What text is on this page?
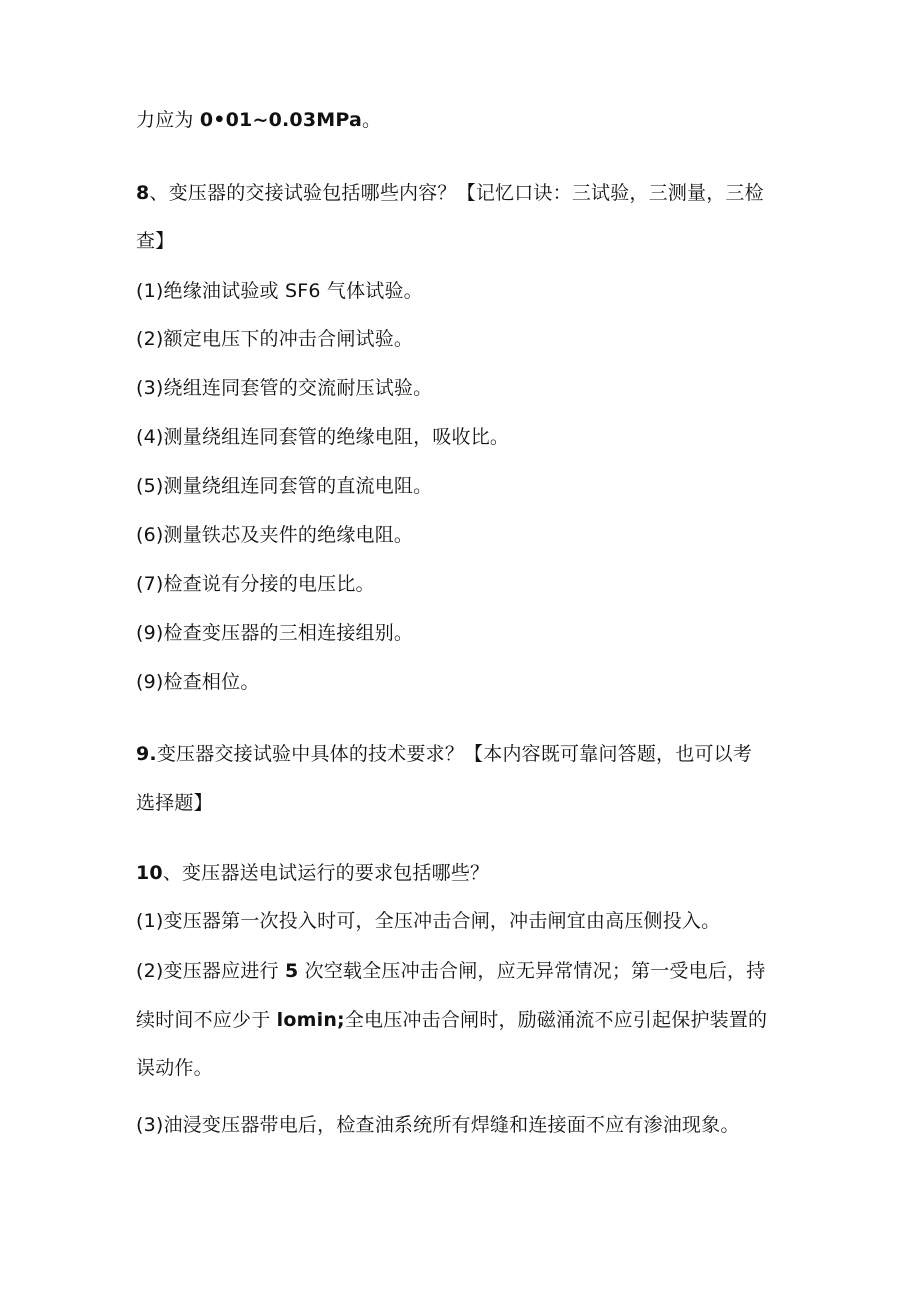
力应为 0•01~0.03MPa。
8、变压器的交接试验包括哪些内容？【记忆口诀：三试验，三测量，三检
查】
(1)绝缘油试验或 SF6 气体试验。
(2)额定电压下的冲击合闸试验。
(3)绕组连同套管的交流耐压试验。
(4)测量绕组连同套管的绝缘电阻，吸收比。
(5)测量绕组连同套管的直流电阻。
(6)测量铁芯及夹件的绝缘电阻。
(7)检查说有分接的电压比。
(9)检查变压器的三相连接组别。
(9)检查相位。
9.变压器交接试验中具体的技术要求？【本内容既可靠问答题，也可以考
选择题】
10、变压器送电试运行的要求包括哪些？
(1)变压器第一次投入时可，全压冲击合闸，冲击闸宜由高压侧投入。
(2)变压器应进行 5 次空载全压冲击合闸，应无异常情况；第一受电后，持
续时间不应少于 lomin;全电压冲击合闸时，励磁涌流不应引起保护装置的
误动作。
(3)油浸变压器带电后，检查油系统所有焊缝和连接面不应有渗油现象。
